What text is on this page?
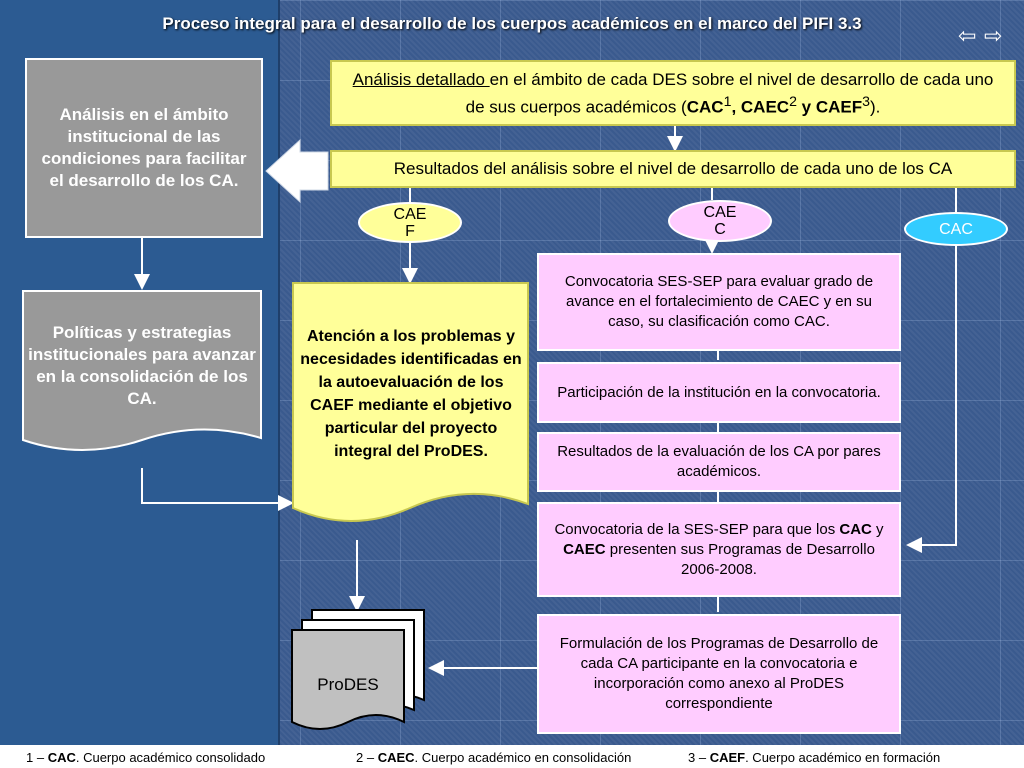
Proceso integral para el desarrollo de los cuerpos académicos en el marco del PIFI 3.3	⇦ ⇨
Análisis en el ámbito institucional de las condiciones para facilitar el desarrollo de los CA.
Políticas y estrategias institucionales para avanzar en la consolidación de los CA.
Análisis detallado en el ámbito de cada DES sobre el nivel de desarrollo de cada uno de sus cuerpos académicos (CAC$^1$, CAEC$^2$ y CAEF$^3$).
Resultados del análisis sobre el nivel de desarrollo de cada uno de los CA
CAE F
CAE C	CAC
Atención a los problemas y necesidades identificadas en la autoevaluación de los CAEF mediante el objetivo particular del proyecto integral del ProDES.
ProDES
Convocatoria SES-SEP para evaluar grado de avance en el fortalecimiento de CAEC y en su caso, su clasificación como CAC.
Participación de la institución en la convocatoria.
Resultados de la evaluación de los CA por pares académicos.
Convocatoria de la SES-SEP para que los CAC y CAEC presenten sus Programas de Desarrollo 2006-2008.
Formulación de los Programas de Desarrollo de cada CA participante en la convocatoria e incorporación como anexo al ProDES correspondiente
1 – CAC. Cuerpo académico consolidado	2 – CAEC. Cuerpo académico en consolidación	3 – CAEF. Cuerpo académico en formación
